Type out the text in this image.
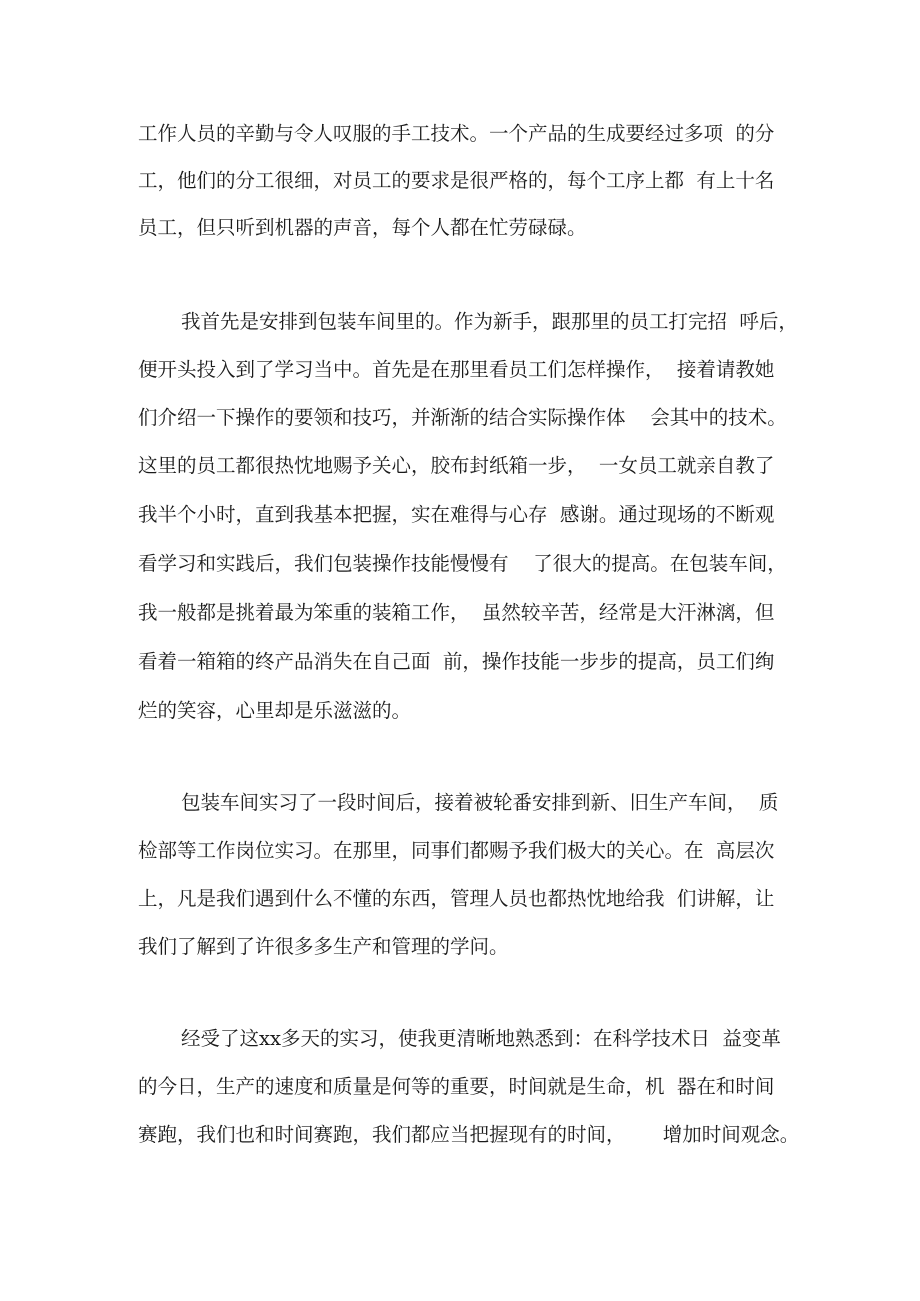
工作人员的辛勤与令人叹服的手工技术。一个产品的生成要经过多项  的分

工，他们的分工很细，对员工的要求是很严格的，每个工序上都  有上十名

员工，但只听到机器的声音，每个人都在忙劳碌碌。

我首先是安排到包装车间里的。作为新手，跟那里的员工打完招  呼后，

便开头投入到了学习当中。首先是在那里看员工们怎样操作，  接着请教她

们介绍一下操作的要领和技巧，并渐渐的结合实际操作体    会其中的技术。

这里的员工都很热忱地赐予关心，胶布封纸箱一步，  一女员工就亲自教了

我半个小时，直到我基本把握，实在难得与心存  感谢。通过现场的不断观

看学习和实践后，我们包装操作技能慢慢有    了很大的提高。在包装车间，

我一般都是挑着最为笨重的装箱工作，  虽然较辛苦，经常是大汗淋漓，但

看着一箱箱的终产品消失在自己面  前，操作技能一步步的提高，员工们绚

烂的笑容，心里却是乐滋滋的。

包装车间实习了一段时间后，接着被轮番安排到新、旧生产车间，  质

检部等工作岗位实习。在那里，同事们都赐予我们极大的关心。在  高层次

上，凡是我们遇到什么不懂的东西，管理人员也都热忱地给我  们讲解，让

我们了解到了许很多多生产和管理的学问。

经受了这xx多天的实习，使我更清晰地熟悉到：在科学技术日  益变革

的今日，生产的速度和质量是何等的重要，时间就是生命，机  器在和时间

赛跑，我们也和时间赛跑，我们都应当把握现有的时间，      增加时间观念。
